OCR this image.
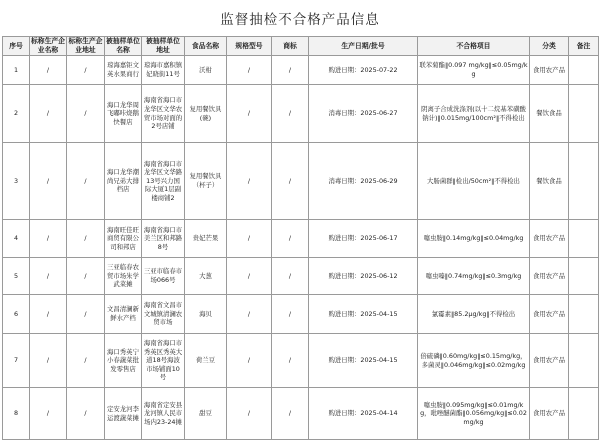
监督抽检不合格产品信息
序号	标称生产企业名称	标称生产企业地址	被抽样单位名称	被抽样单位地址	食品名称	规格型号	商标	生产日期/批号	不合格项目	分类	备注
1	/	/	琼海嘉钜文英水果商行	琼海市嘉积镇妃晓街11号	沃柑	/	/	购进日期：2025-07-22	联苯菊酯‖0.097 mg/kg‖≤0.05mg/kg	食用农产品	
2	/	/	海口龙华周飞嘟咔烧鹅快餐店	海南省海口市龙华区文华农贸市场对面的2号店铺	复用餐饮具(碗)	/	/	消毒日期：2025-06-27	阴离子合成洗涤剂(以十二烷基苯磺酸钠计)‖0.015mg/100cm²‖不得检出	餐饮食品	
3	/	/	海口龙华潮尚兄弟大排档店	海南省海口市龙华区文华路13号兴力国际大厦1层副楼商铺2	复用餐饮具（杯子）	/	/	消毒日期：2025-06-29	大肠菌群‖检出/50cm²‖不得检出	餐饮食品	
4	/	/	海南旺佳旺商贸有限公司和邦店	海南省海口市美兰区和邦路8号	贵妃芒果	/	/	购进日期：2025-06-17	噻虫胺‖0.14mg/kg‖≤0.04mg/kg	食用农产品	
5	/	/	三亚临春农贸市场朱学武菜摊	三亚市临春市场066号	大葱	/	/	购进日期：2025-06-12	噻虫嗪‖0.74mg/kg‖≤0.3mg/kg	食用农产品	
6	/	/	文昌清澜新鲜水产档	海南省文昌市文城镇清澜农贸市场	海贝	/	/	购进日期：2025-04-15	氯霉素‖85.2μg/kg‖不得检出	食用农产品	
7	/	/	海口秀英宁小春蔬菜批发零售店	海南省海口市秀英区秀英大道18号海波市场铺面10号	荷兰豆	/	/	购进日期：2025-04-15	倍硫磷‖0.60mg/kg‖≤0.15mg/kg，多菌灵‖0.046mg/kg‖≤0.02mg/kg	食用农产品	
8	/	/	定安龙河李运渡蔬菜摊	海南省定安县龙河镇人民市场内23-24摊	甜豆	/	/	购进日期：2025-04-14	噻虫胺‖0.095mg/kg‖≤0.01mg/kg，吡唑醚菌酯‖0.056mg/kg‖≤0.02mg/kg	食用农产品	
